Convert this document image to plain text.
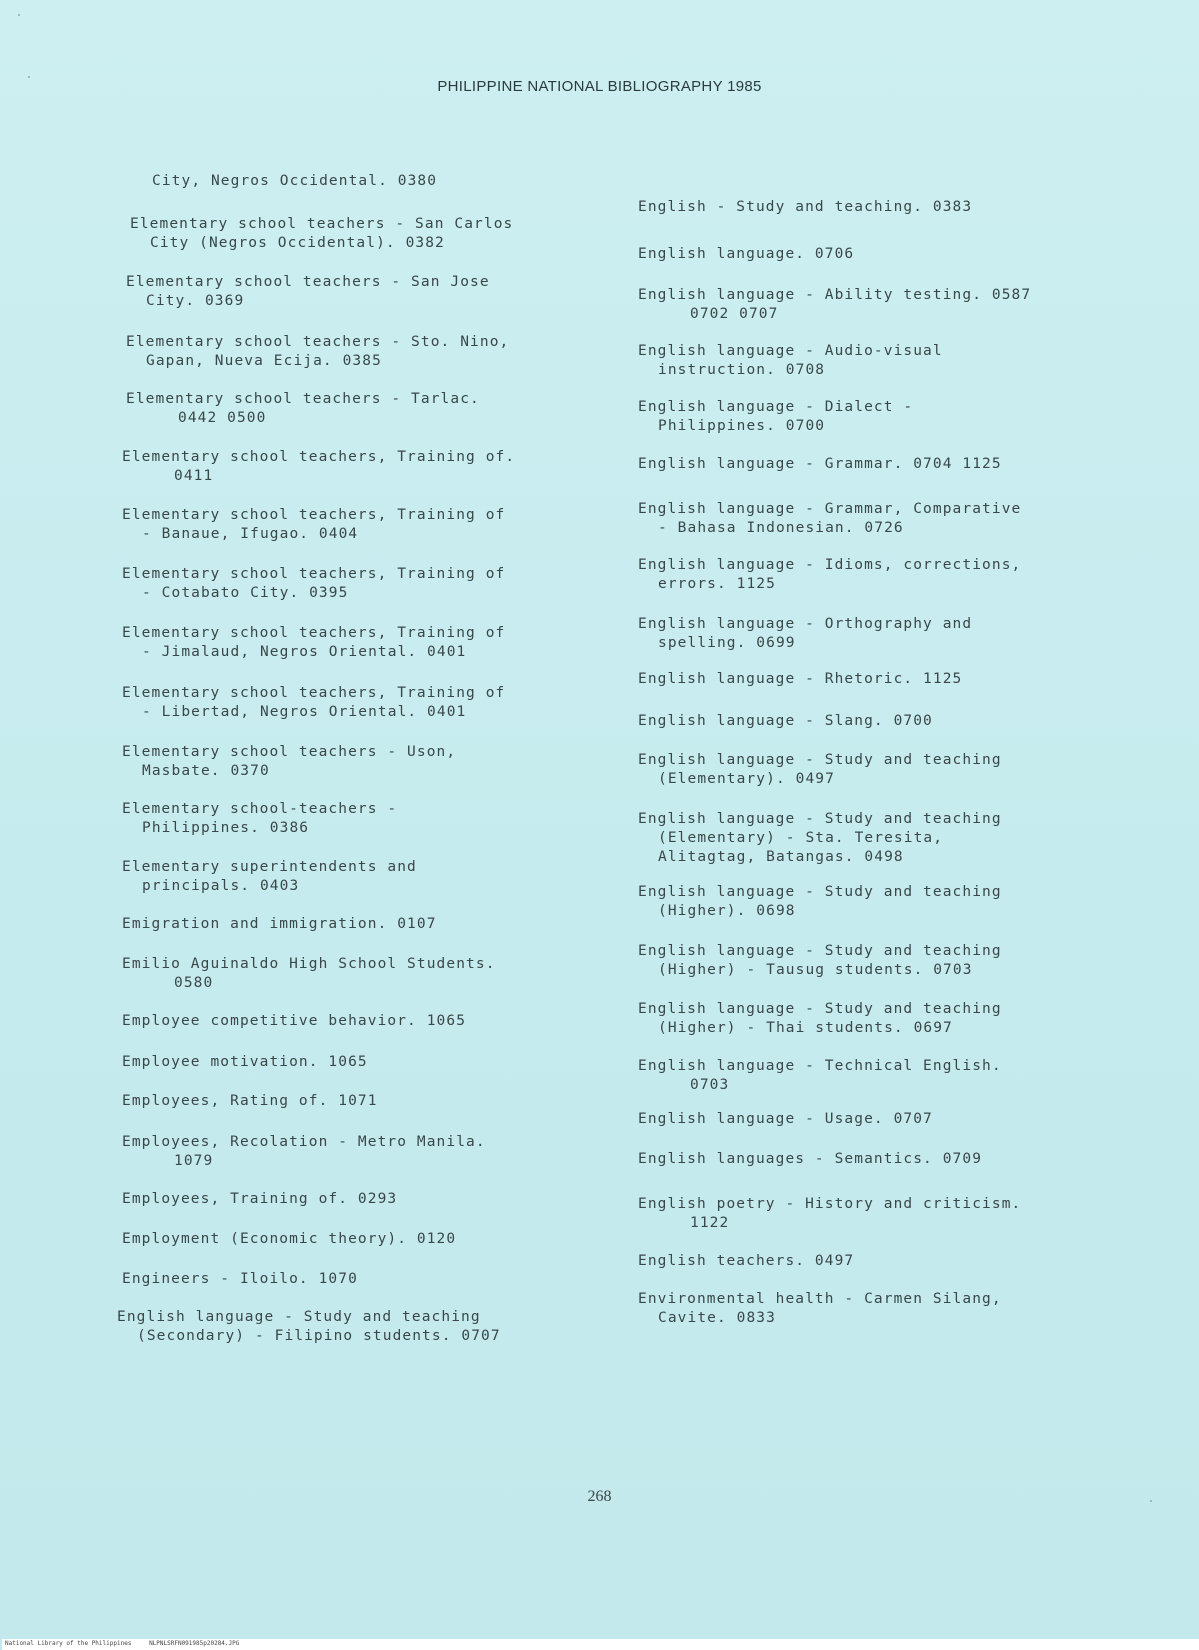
PHILIPPINE NATIONAL BIBLIOGRAPHY 1985
City, Negros Occidental. 0380
Elementary school teachers - San Carlos
City (Negros Occidental). 0382
Elementary school teachers - San Jose
City. 0369
Elementary school teachers - Sto. Nino,
Gapan, Nueva Ecija. 0385
Elementary school teachers - Tarlac.
0442 0500
Elementary school teachers, Training of.
0411
Elementary school teachers, Training of
- Banaue, Ifugao. 0404
Elementary school teachers, Training of
- Cotabato City. 0395
Elementary school teachers, Training of
- Jimalaud, Negros Oriental. 0401
Elementary school teachers, Training of
- Libertad, Negros Oriental. 0401
Elementary school teachers - Uson,
Masbate. 0370
Elementary school-teachers -
Philippines. 0386
Elementary superintendents and
principals. 0403
Emigration and immigration. 0107
Emilio Aguinaldo High School Students.
0580
Employee competitive behavior. 1065
Employee motivation. 1065
Employees, Rating of. 1071
Employees, Recolation - Metro Manila.
1079
Employees, Training of. 0293
Employment (Economic theory). 0120
Engineers - Iloilo. 1070
English language - Study and teaching
(Secondary) - Filipino students. 0707
English - Study and teaching. 0383
English language. 0706
English language - Ability testing. 0587
0702 0707
English language - Audio-visual
instruction. 0708
English language - Dialect -
Philippines. 0700
English language - Grammar. 0704 1125
English language - Grammar, Comparative
- Bahasa Indonesian. 0726
English language - Idioms, corrections,
errors. 1125
English language - Orthography and
spelling. 0699
English language - Rhetoric. 1125
English language - Slang. 0700
English language - Study and teaching
(Elementary). 0497
English language - Study and teaching
(Elementary) - Sta. Teresita,
Alitagtag, Batangas. 0498
English language - Study and teaching
(Higher). 0698
English language - Study and teaching
(Higher) - Tausug students. 0703
English language - Study and teaching
(Higher) - Thai students. 0697
English language - Technical English.
0703
English language - Usage. 0707
English languages - Semantics. 0709
English poetry - History and criticism.
1122
English teachers. 0497
Environmental health - Carmen Silang,
Cavite. 0833
268
National Library of the Philippines	NLPNLSRFN091985p20284.JPG
